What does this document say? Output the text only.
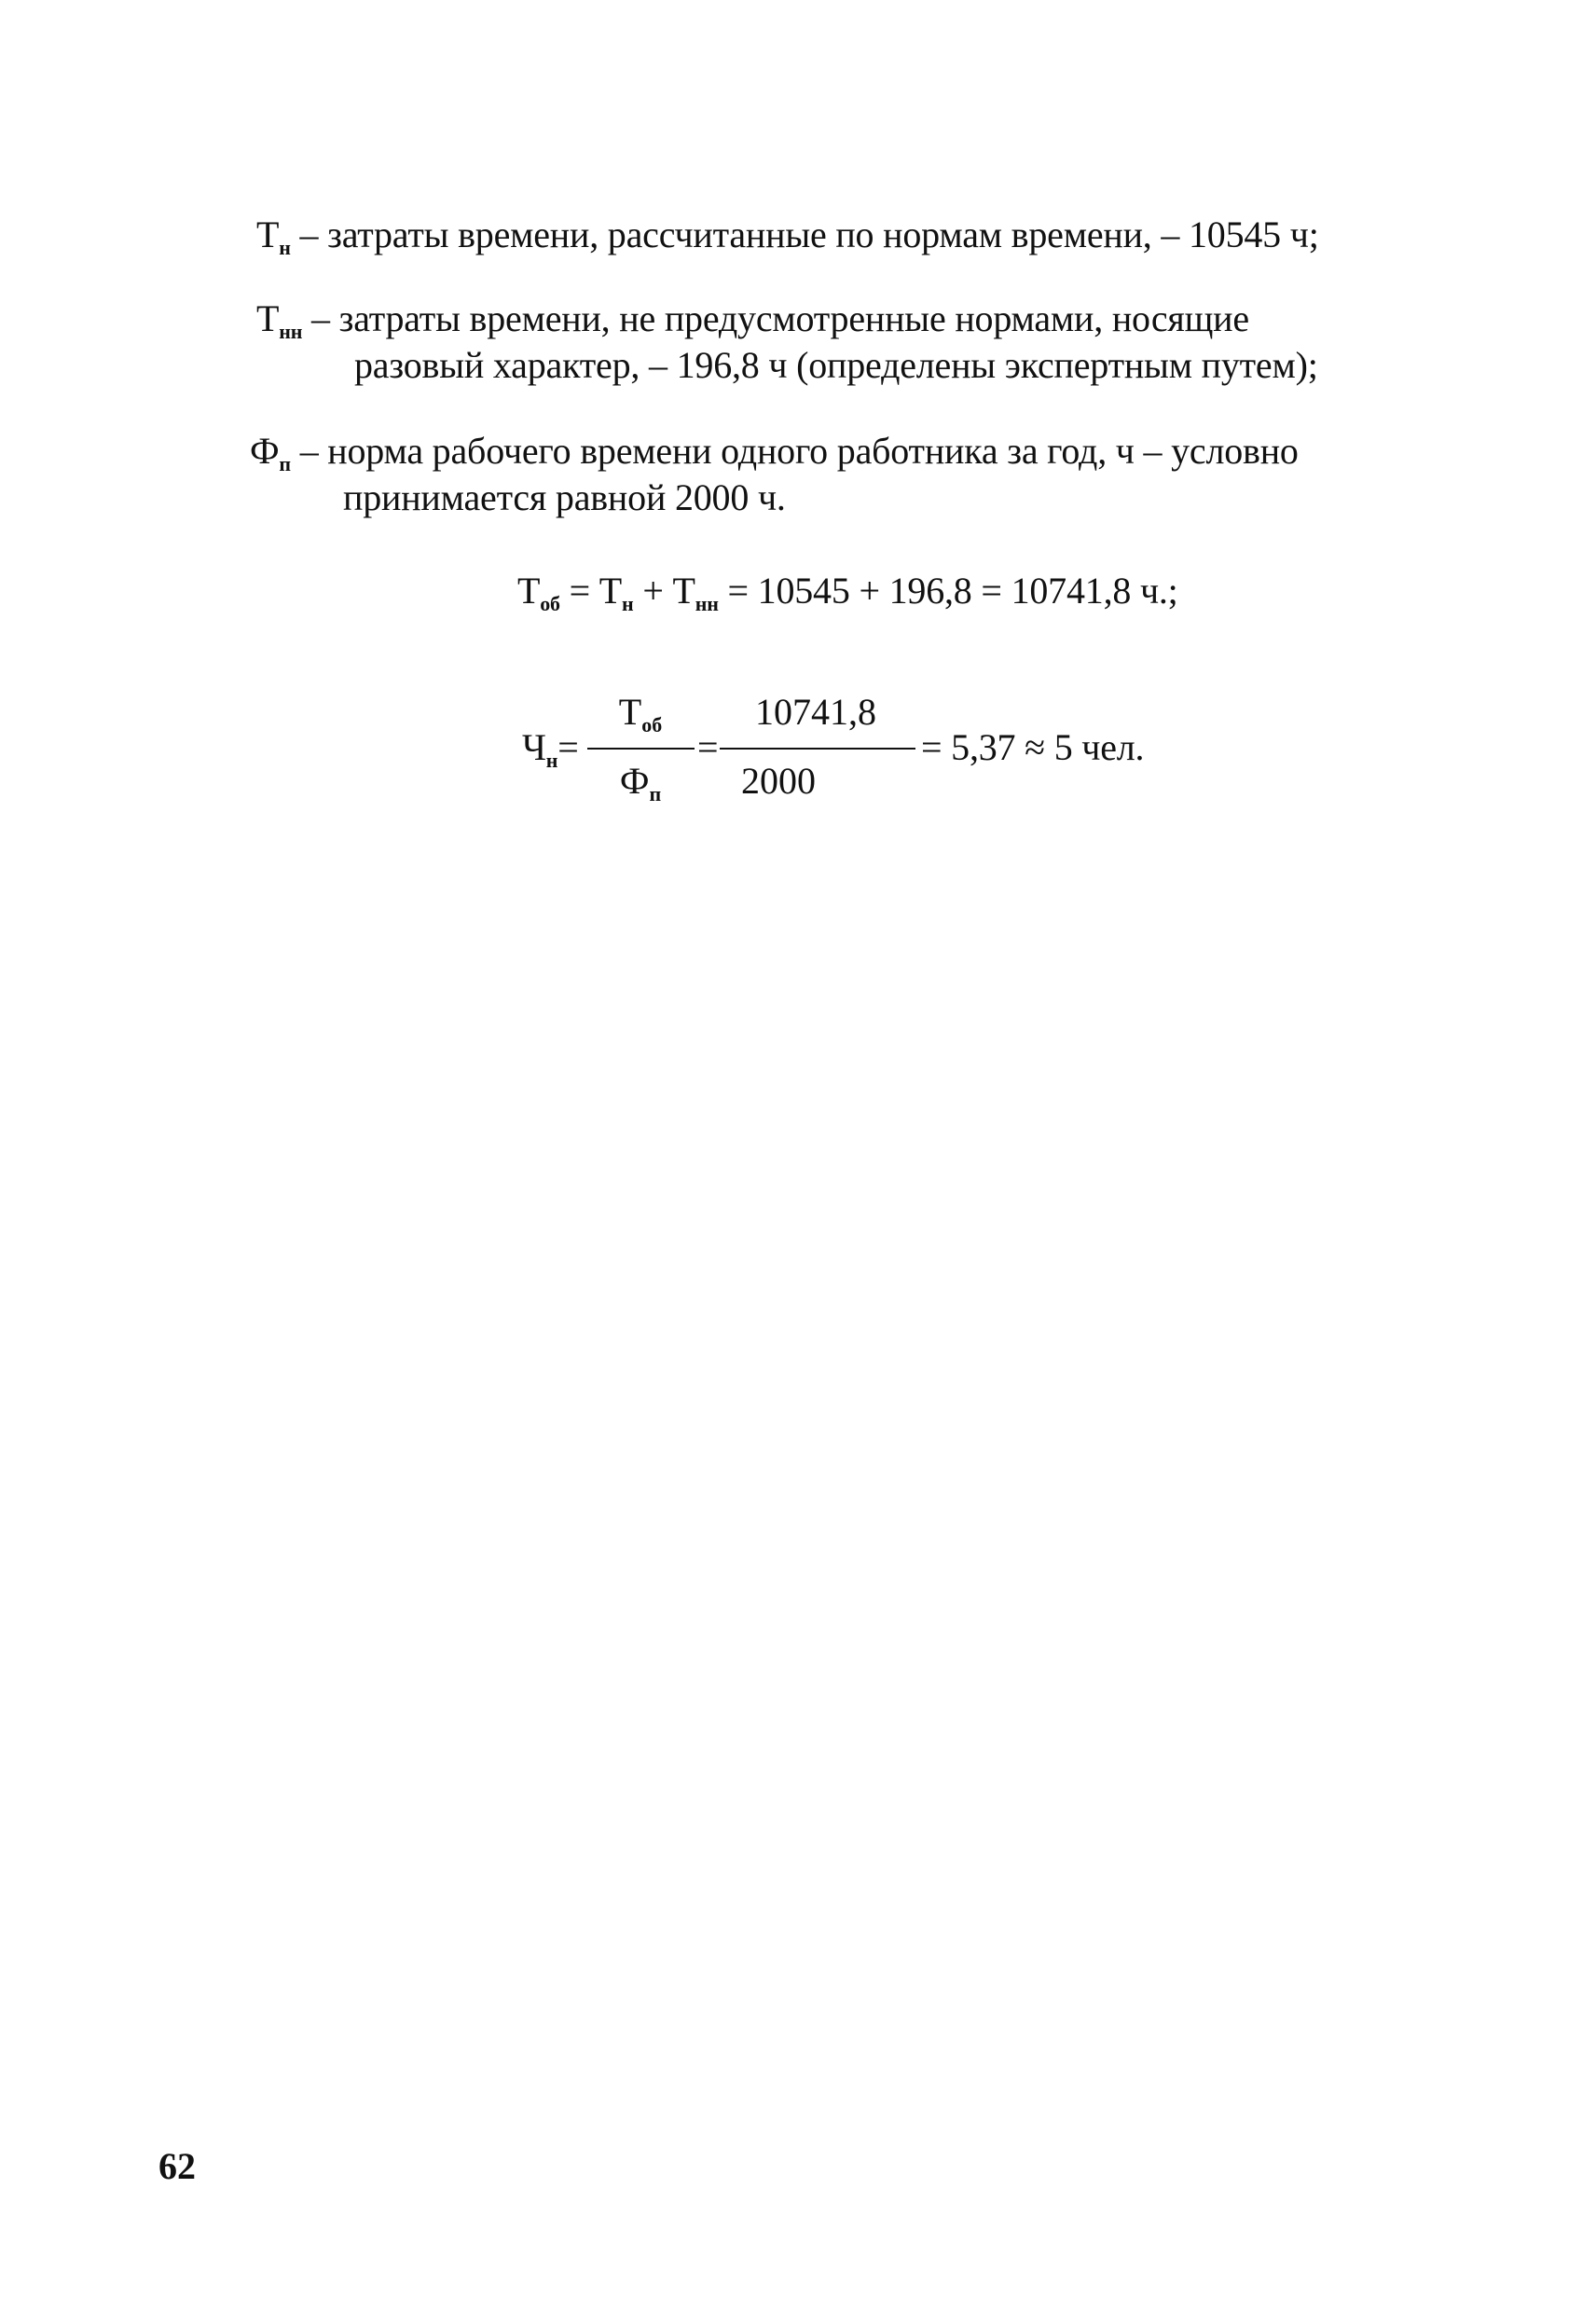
$Т_н$ – затраты времени, рассчитанные по нормам времени, – 10545 ч;
$Т_{нн}$ – затраты времени, не предусмотренные нормами, носящие
разовый характер, – 196,8 ч (определены экспертным путем);
$Ф_п$ – норма рабочего времени одного работника за год, ч – условно
принимается равной 2000 ч.
$Т_{об} = Т_н + Т_{нн} = 10545 + 196,8 = 10741,8$ ч.;
$Ч_н=$
$Т_{об}$
$Ф_п$
=
10741,8
2000
= 5,37 ≈ 5 чел.
62
